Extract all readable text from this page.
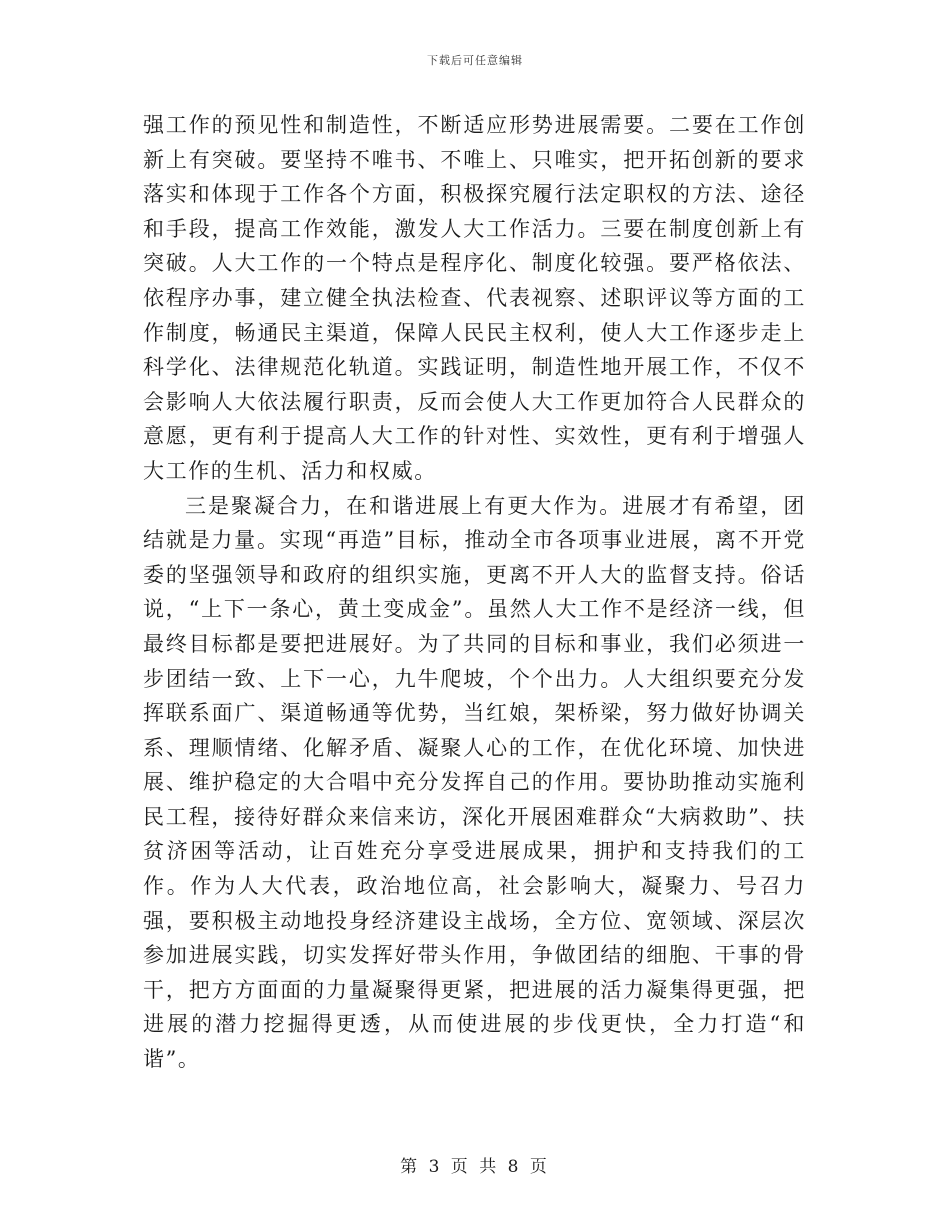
下载后可任意编辑

强工作的预见性和制造性，不断适应形势进展需要。二要在工作创新上有突破。要坚持不唯书、不唯上、只唯实，把开拓创新的要求落实和体现于工作各个方面，积极探究履行法定职权的方法、途径和手段，提高工作效能，激发人大工作活力。三要在制度创新上有突破。人大工作的一个特点是程序化、制度化较强。要严格依法、依程序办事，建立健全执法检查、代表视察、述职评议等方面的工作制度，畅通民主渠道，保障人民民主权利，使人大工作逐步走上科学化、法律规范化轨道。实践证明，制造性地开展工作，不仅不会影响人大依法履行职责，反而会使人大工作更加符合人民群众的意愿，更有利于提高人大工作的针对性、实效性，更有利于增强人大工作的生机、活力和权威。

三是聚凝合力，在和谐进展上有更大作为。进展才有希望，团结就是力量。实现“再造”目标，推动全市各项事业进展，离不开党委的坚强领导和政府的组织实施，更离不开人大的监督支持。俗话说，“上下一条心，黄土变成金”。虽然人大工作不是经济一线，但最终目标都是要把进展好。为了共同的目标和事业，我们必须进一步团结一致、上下一心，九牛爬坡，个个出力。人大组织要充分发挥联系面广、渠道畅通等优势，当红娘，架桥梁，努力做好协调关系、理顺情绪、化解矛盾、凝聚人心的工作，在优化环境、加快进展、维护稳定的大合唱中充分发挥自己的作用。要协助推动实施利民工程，接待好群众来信来访，深化开展困难群众“大病救助”、扶贫济困等活动，让百姓充分享受进展成果，拥护和支持我们的工作。作为人大代表，政治地位高，社会影响大，凝聚力、号召力强，要积极主动地投身经济建设主战场，全方位、宽领域、深层次参加进展实践，切实发挥好带头作用，争做团结的细胞、干事的骨干，把方方面面的力量凝聚得更紧，把进展的活力凝集得更强，把进展的潜力挖掘得更透，从而使进展的步伐更快，全力打造“和谐”。

第 3 页 共 8 页
